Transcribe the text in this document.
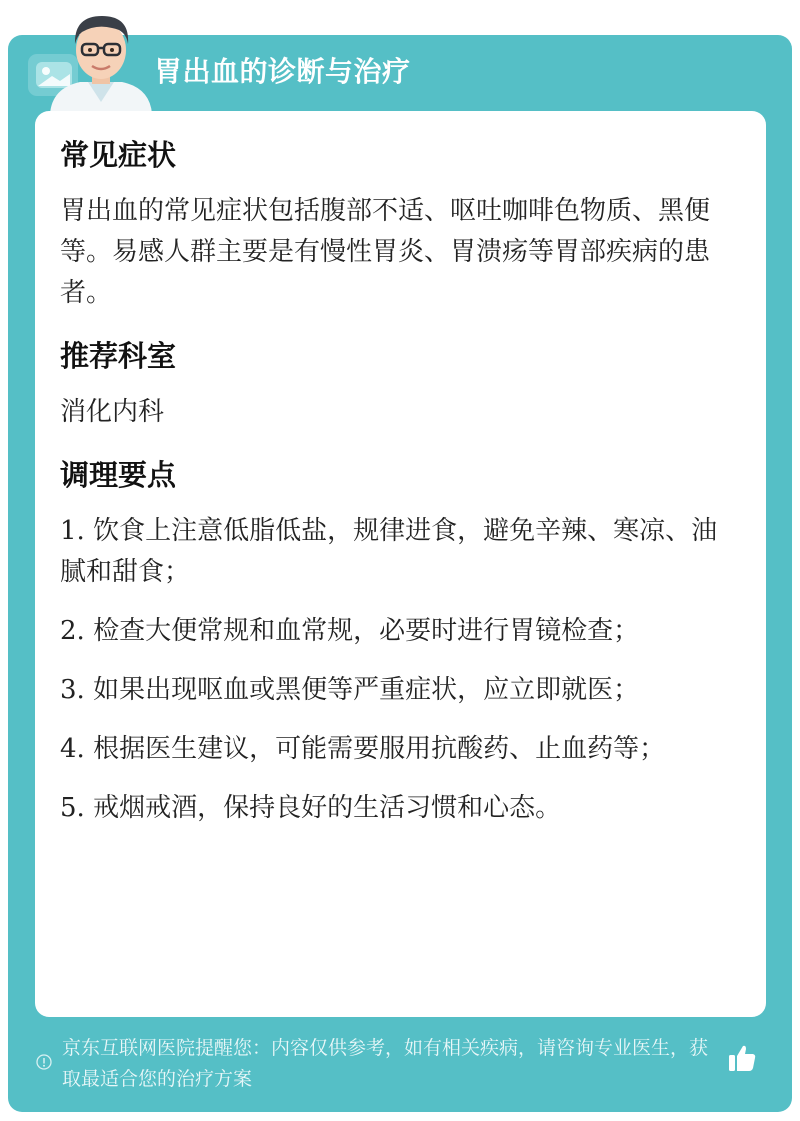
胃出血的诊断与治疗
常见症状

胃出血的常见症状包括腹部不适、呕吐咖啡色物质、黑便等。易感人群主要是有慢性胃炎、胃溃疡等胃部疾病的患者。

推荐科室

消化内科

调理要点

1. 饮食上注意低脂低盐，规律进食，避免辛辣、寒凉、油腻和甜食；

2. 检查大便常规和血常规，必要时进行胃镜检查；

3. 如果出现呕血或黑便等严重症状，应立即就医；

4. 根据医生建议，可能需要服用抗酸药、止血药等；

5. 戒烟戒酒，保持良好的生活习惯和心态。

京东互联网医院提醒您：内容仅供参考，如有相关疾病，请咨询专业医生，获取最适合您的治疗方案
